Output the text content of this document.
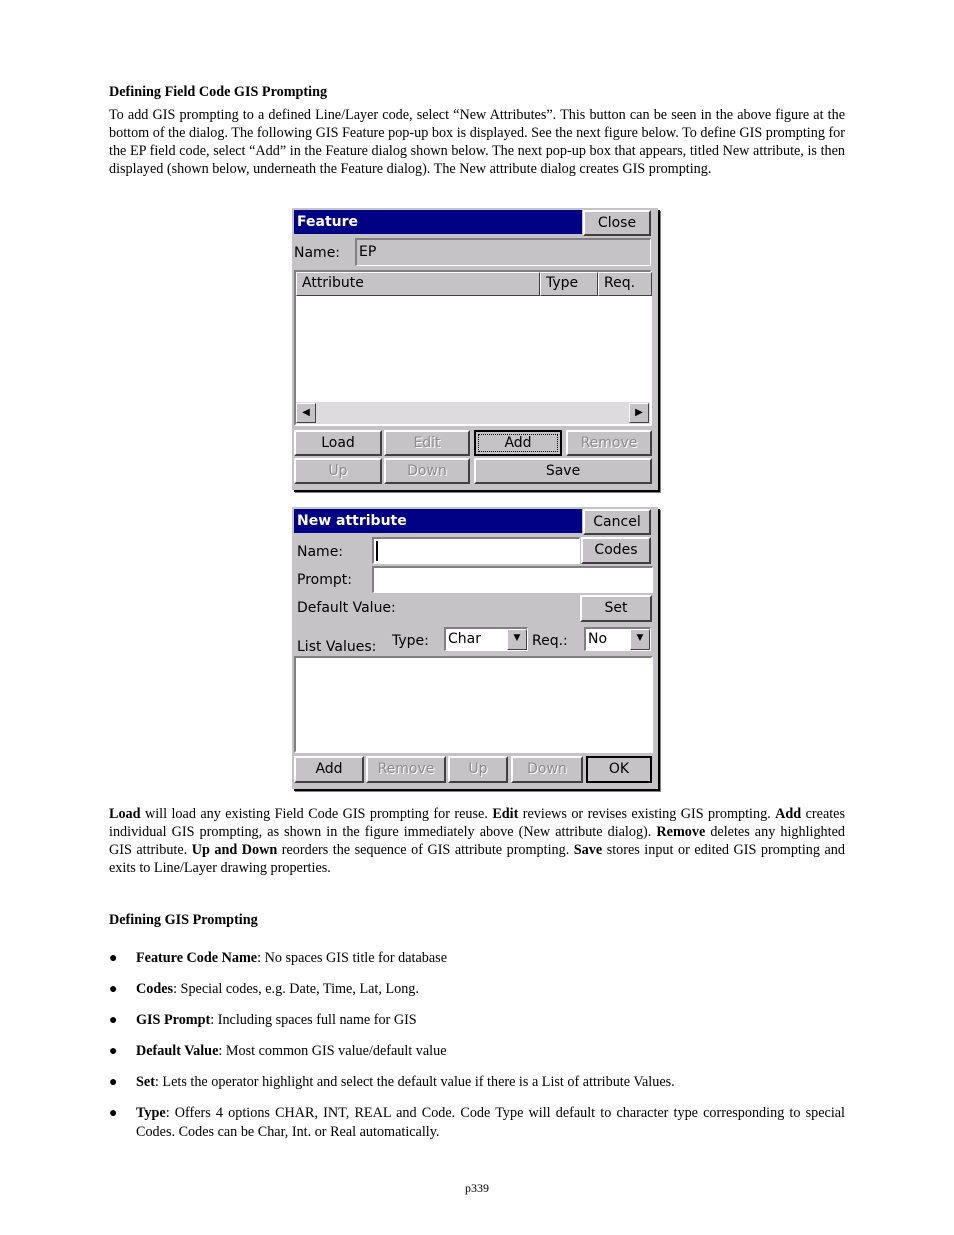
Defining Field Code GIS Prompting
To add GIS prompting to a defined Line/Layer code, select “New Attributes”. This button can be seen in the above figure at the bottom of the dialog. The following GIS Feature pop-up box is displayed. See the next figure below. To define GIS prompting for the EP field code, select “Add” in the Feature dialog shown below. The next pop-up box that appears, titled New attribute, is then displayed (shown below, underneath the Feature dialog). The New attribute dialog creates GIS prompting.
Feature	Close
Name: EP
Attribute	Type	Req.
◀	▶
Load	Edit	Add	Remove
Up	Down	Save
New attribute	Cancel
Name:	Codes
Prompt:
Default Value:	Set
List Values: Type: Char	▼ Req.: No	▼
Add	Remove	Up	Down	OK
Load will load any existing Field Code GIS prompting for reuse. Edit reviews or revises existing GIS prompting. Add creates individual GIS prompting, as shown in the figure immediately above (New attribute dialog). Remove deletes any highlighted GIS attribute. Up and Down reorders the sequence of GIS attribute prompting. Save stores input or edited GIS prompting and exits to Line/Layer drawing properties.
Defining GIS Prompting
● Feature Code Name: No spaces GIS title for database
● Codes: Special codes, e.g. Date, Time, Lat, Long.
● GIS Prompt: Including spaces full name for GIS
● Default Value: Most common GIS value/default value
● Set: Lets the operator highlight and select the default value if there is a List of attribute Values.
● Type: Offers 4 options CHAR, INT, REAL and Code. Code Type will default to character type corresponding to special Codes. Codes can be Char, Int. or Real automatically.
p339
